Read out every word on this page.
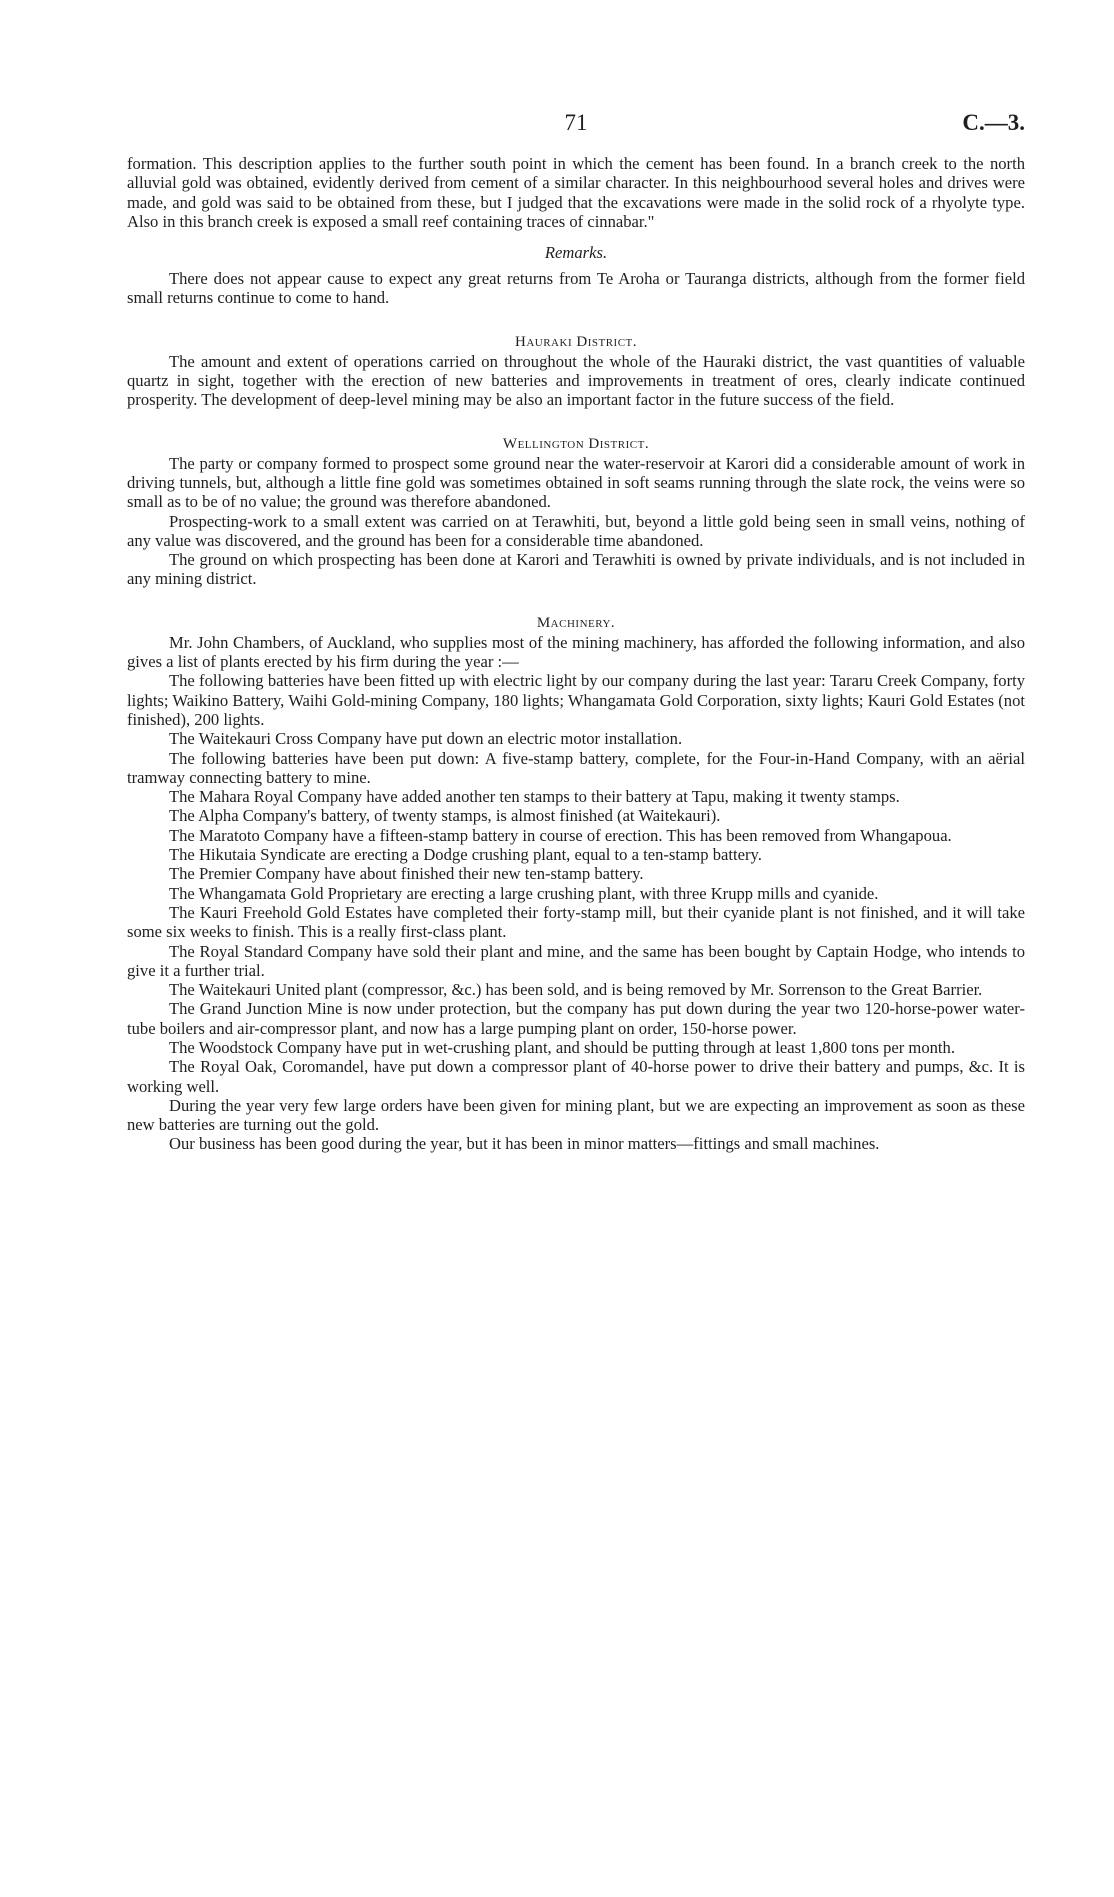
71	C.—3.

formation. This description applies to the further south point in which the cement has been found. In a branch creek to the north alluvial gold was obtained, evidently derived from cement of a similar character. In this neighbourhood several holes and drives were made, and gold was said to be obtained from these, but I judged that the excavations were made in the solid rock of a rhyolyte type. Also in this branch creek is exposed a small reef containing traces of cinnabar."

Remarks.

There does not appear cause to expect any great returns from Te Aroha or Tauranga districts, although from the former field small returns continue to come to hand.

Hauraki District.

The amount and extent of operations carried on throughout the whole of the Hauraki district, the vast quantities of valuable quartz in sight, together with the erection of new batteries and improvements in treatment of ores, clearly indicate continued prosperity. The development of deep-level mining may be also an important factor in the future success of the field.

Wellington District.

The party or company formed to prospect some ground near the water-reservoir at Karori did a considerable amount of work in driving tunnels, but, although a little fine gold was sometimes obtained in soft seams running through the slate rock, the veins were so small as to be of no value; the ground was therefore abandoned.

Prospecting-work to a small extent was carried on at Terawhiti, but, beyond a little gold being seen in small veins, nothing of any value was discovered, and the ground has been for a considerable time abandoned.

The ground on which prospecting has been done at Karori and Terawhiti is owned by private individuals, and is not included in any mining district.

Machinery.

Mr. John Chambers, of Auckland, who supplies most of the mining machinery, has afforded the following information, and also gives a list of plants erected by his firm during the year :—

The following batteries have been fitted up with electric light by our company during the last year: Tararu Creek Company, forty lights; Waikino Battery, Waihi Gold-mining Company, 180 lights; Whangamata Gold Corporation, sixty lights; Kauri Gold Estates (not finished), 200 lights.

The Waitekauri Cross Company have put down an electric motor installation.

The following batteries have been put down: A five-stamp battery, complete, for the Four-in-Hand Company, with an aërial tramway connecting battery to mine.

The Mahara Royal Company have added another ten stamps to their battery at Tapu, making it twenty stamps.

The Alpha Company's battery, of twenty stamps, is almost finished (at Waitekauri).

The Maratoto Company have a fifteen-stamp battery in course of erection. This has been removed from Whangapoua.

The Hikutaia Syndicate are erecting a Dodge crushing plant, equal to a ten-stamp battery.

The Premier Company have about finished their new ten-stamp battery.

The Whangamata Gold Proprietary are erecting a large crushing plant, with three Krupp mills and cyanide.

The Kauri Freehold Gold Estates have completed their forty-stamp mill, but their cyanide plant is not finished, and it will take some six weeks to finish. This is a really first-class plant.

The Royal Standard Company have sold their plant and mine, and the same has been bought by Captain Hodge, who intends to give it a further trial.

The Waitekauri United plant (compressor, &c.) has been sold, and is being removed by Mr. Sorrenson to the Great Barrier.

The Grand Junction Mine is now under protection, but the company has put down during the year two 120-horse-power water-tube boilers and air-compressor plant, and now has a large pumping plant on order, 150-horse power.

The Woodstock Company have put in wet-crushing plant, and should be putting through at least 1,800 tons per month.

The Royal Oak, Coromandel, have put down a compressor plant of 40-horse power to drive their battery and pumps, &c. It is working well.

During the year very few large orders have been given for mining plant, but we are expecting an improvement as soon as these new batteries are turning out the gold.

Our business has been good during the year, but it has been in minor matters—fittings and small machines.
